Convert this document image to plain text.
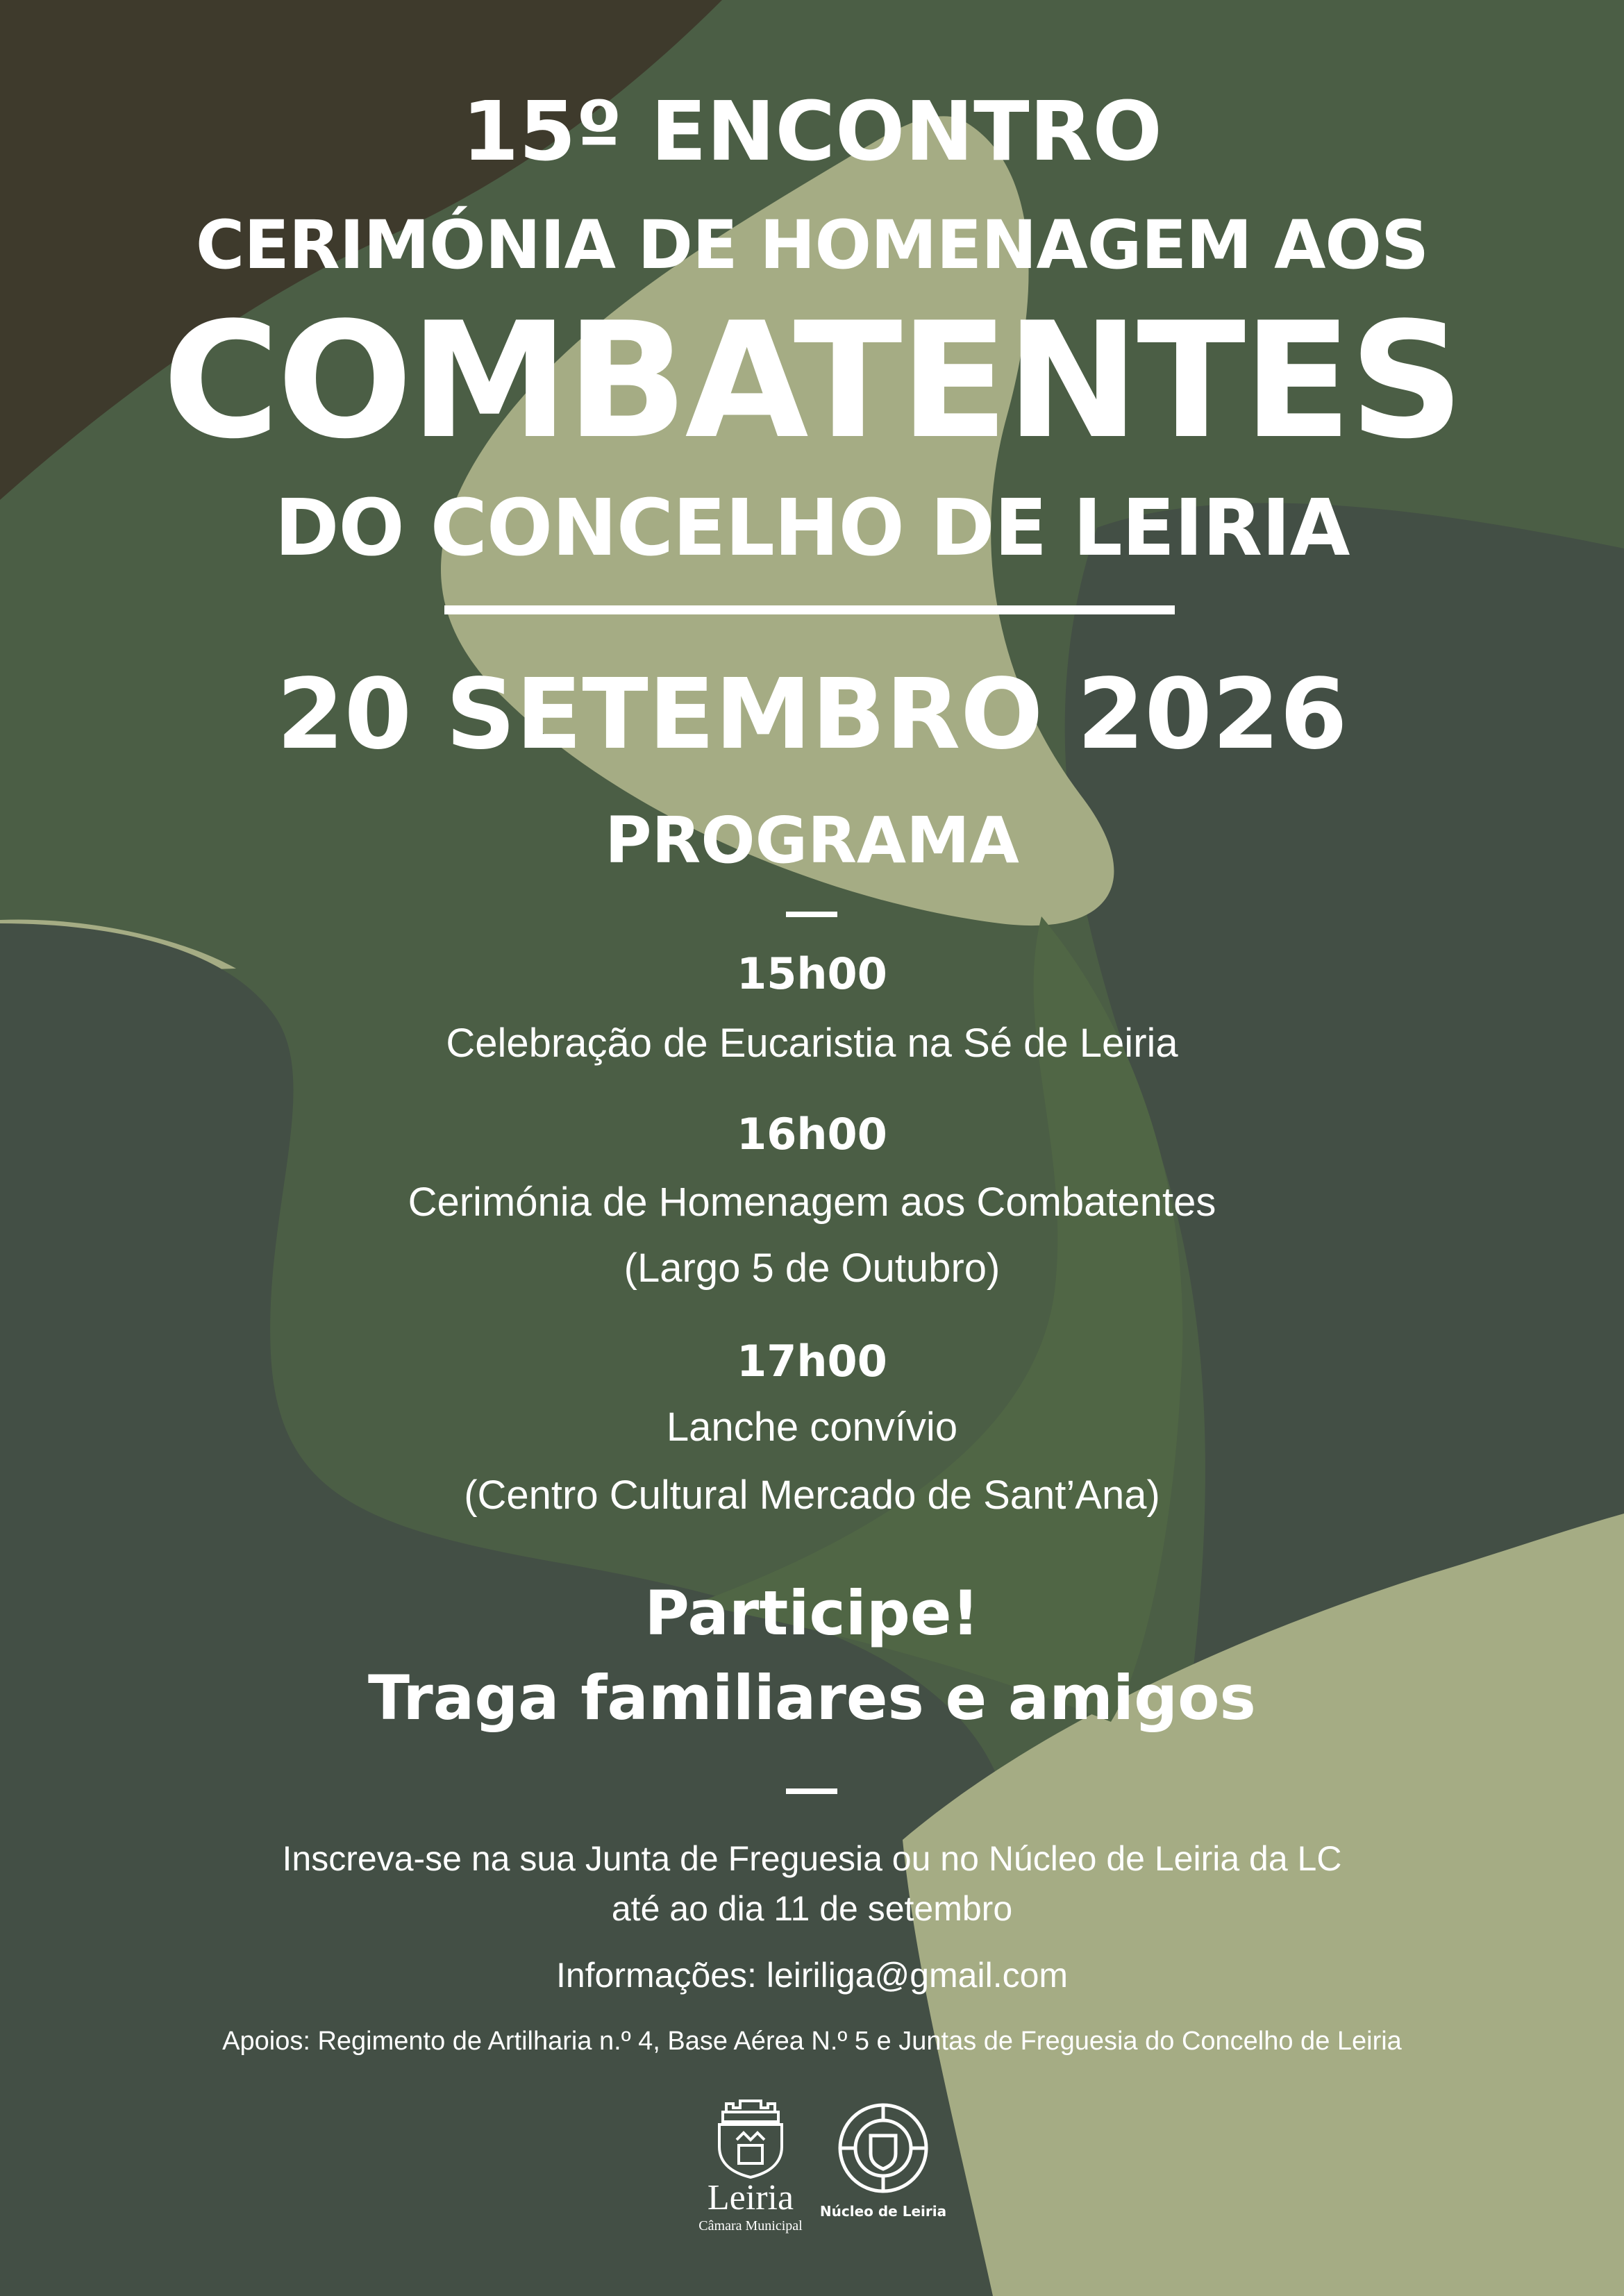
15º ENCONTRO
CERIMÓNIA DE HOMENAGEM AOS
COMBATENTES
DO CONCELHO DE LEIRIA
20 SETEMBRO 2026
PROGRAMA
15h00
Celebração de Eucaristia na Sé de Leiria
16h00
Cerimónia de Homenagem aos Combatentes
(Largo 5 de Outubro)
17h00
Lanche convívio
(Centro Cultural Mercado de Sant’Ana)
Participe!
Traga familiares e amigos
Inscreva-se na sua Junta de Freguesia ou no Núcleo de Leiria da LC
até ao dia 11 de setembro
Informações: leiriliga@gmail.com
Apoios: Regimento de Artilharia n.º 4, Base Aérea N.º 5 e Juntas de Freguesia do Concelho de Leiria
Leiria
Câmara Municipal
Núcleo de Leiria
